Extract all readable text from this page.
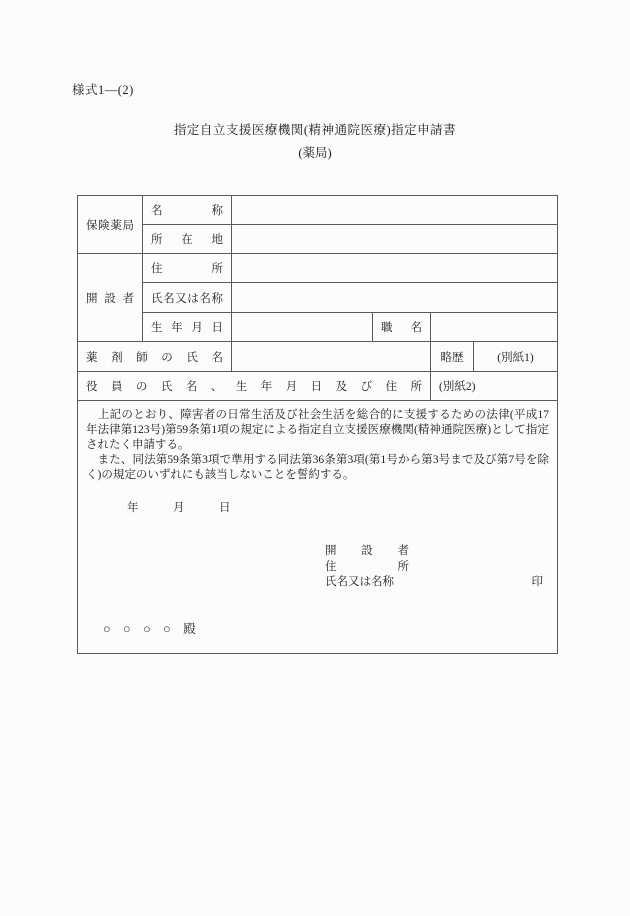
様式1―(2)
指定自立支援医療機関(精神通院医療)指定申請書
(薬局)
保険薬局	名称				
	所在地				
開設者	住所				
	氏名又は名称				
	生年月日		職名		
薬剤師の氏名				略歴	(別紙1)
役員の氏名、生年月日及び住所				(別紙2)	

　上記のとおり、障害者の日常生活及び社会生活を総合的に支援するための法律(平成17年法律第123号)第59条第1項の規定による指定自立支援医療機関(精神通院医療)として指定されたく申請する。

　また、同法第59条第3項で準用する同法第36条第3項(第1号から第3号まで及び第7号を除く)の規定のいずれにも該当しないことを誓約する。

年　　　月　　　日
開設者
住所
氏名又は名称	印
○　○　○　○　殿
